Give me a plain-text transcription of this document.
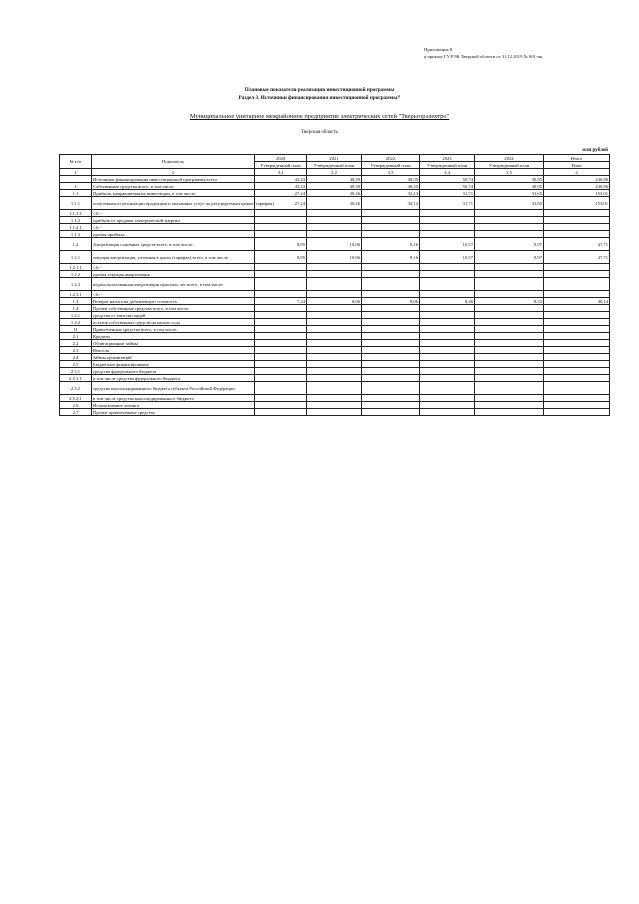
Приложение 8
к приказу ГУ РЭК Тверской области от 31.12.2019 № 601-нп
Плановые показатели реализации инвестиционной программы
Раздел 3. Источники финансирования инвестиционной программы²⁾
Муниципальное унитарное межрайонное предприятие электрических сетей "Тверьгорэлектро"
Тверская область
млн рублей
№ п/п	Показатель	2020	2021	2022	2023	2024	Итого
		Утвержденный план	Утвержденный план	Утвержденный план	Утвержденный план	Утвержденный план	План
1	2	3.1	3.2	3.3	3.4	3.5	4
	Источники финансирования инвестиционной программы всего:	43,43	48,39	48,35	50,74	49,95	240,86
1	Собственные средства всего, в том числе:	43,43	48,39	48,35	50,74	49,95	240,86
1.1	Прибыль, направляемая на инвестиции, в том числе:	27,24	30,26	32,13	31,71	31,65	153,01
1.1.1	полученная от реализации продукции и оказанных услуг по регулируемым ценам (тарифам)	27,24	30,26	32,13	31,71	31,65	153,01
1.1.1.1	<6>						
1.1.2	прибыль от продажи электрической энергии						
1.1.2.1	<6>						
1.1.3	прочая прибыль						
1.2	Амортизация основных средств всего, в том числе:	8,95	10,06	8,16	10,57	9,97	47,71
1.2.1	текущая амортизация, учтенная в ценах (тарифах) всего, в том числе:	8,95	10,06	8,16	10,57	9,97	47,71
1.2.1.1	<6>						
1.2.2	прочая текущая амортизация						
1.2.3	недоиспользованная амортизация прошлых лет всего, в том числе:						
1.2.3.1	<6>						
1.3	Возврат налога на добавленную стоимость	7,24	8,06	8,06	8,46	8,33	40,14
1.4	Прочие собственные средства всего, в том числе:						
1.4.1	средства от эмиссии акций						
1.4.2	остаток собственных средств на начало года						
II	Привлеченные средства всего, в том числе:						
2.1	Кредиты						
2.2	Облигационные займы						
2.3	Векселя						
2.4	Займы организаций						
2.5	Бюджетное финансирование						
2.5.1	средства федерального бюджета						
2.5.1.1	в том числе средства федерального бюджета						
2.5.2	средства консолидированного бюджета субъекта Российской Федерации						
2.5.2.1	в том числе средства консолидированного бюджета						
2.6	Использование лизинга						
2.7	Прочие привлеченные средства						
